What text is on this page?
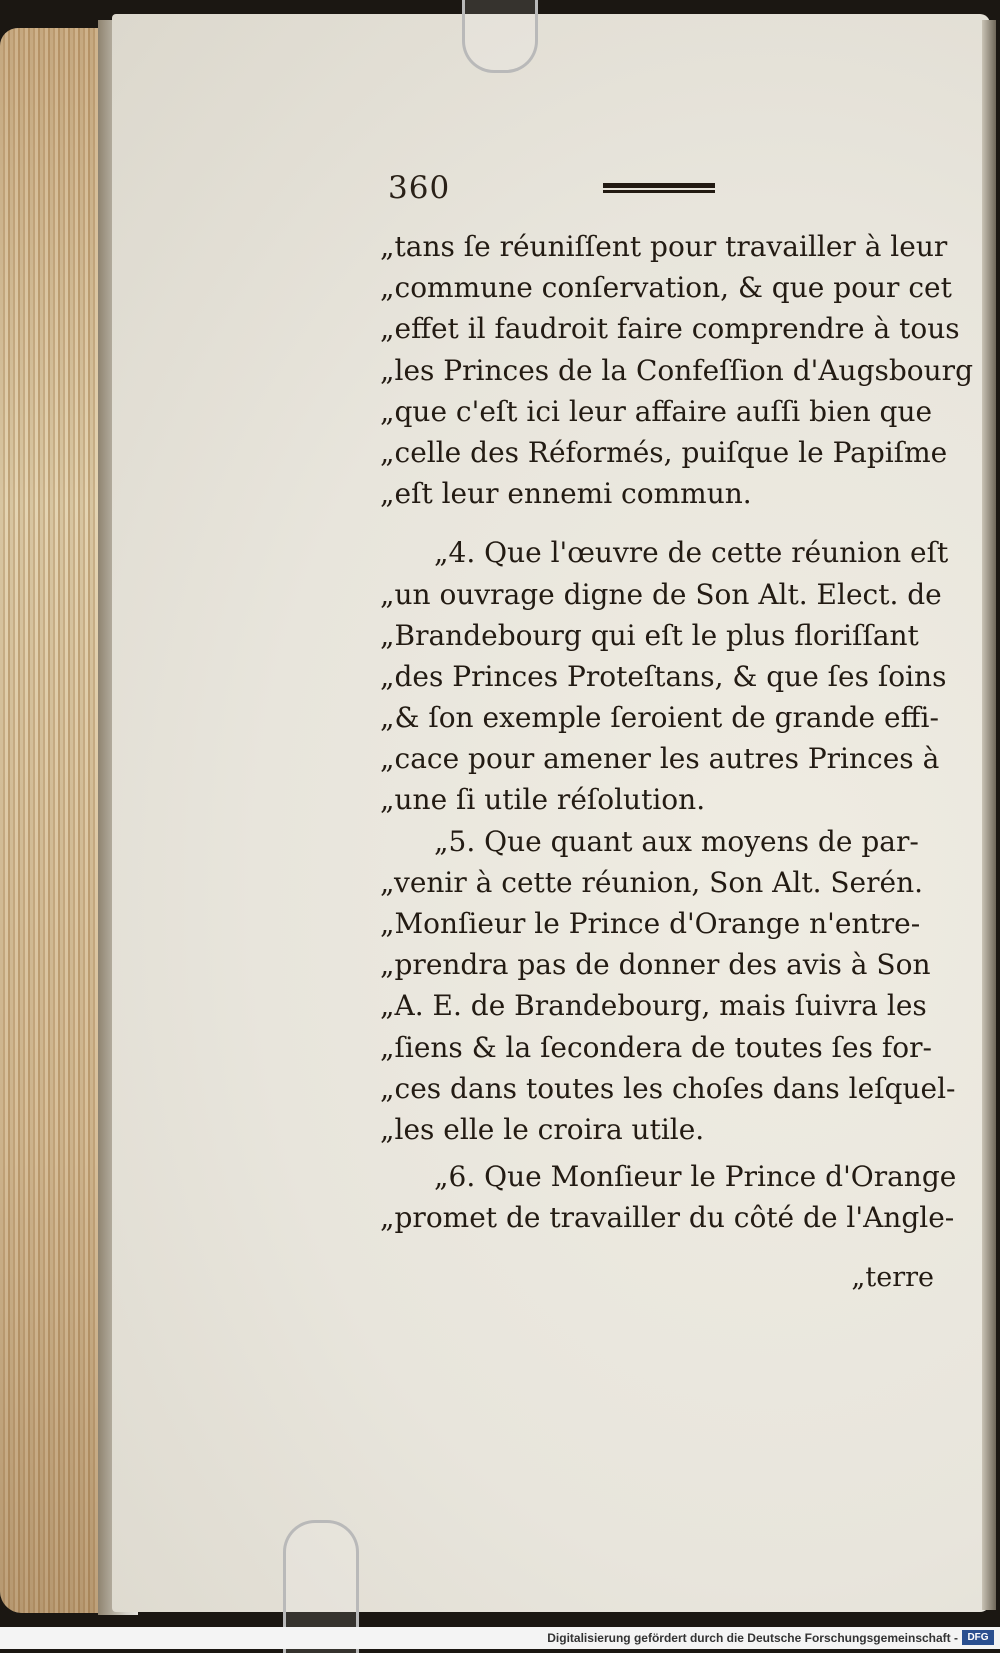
360
„tans ſe réuniſſent pour travailler à leur
„commune conſervation, & que pour cet
„effet il faudroit faire comprendre à tous
„les Princes de la Confeſſion d'Augsbourg
„que c'eſt ici leur affaire auſſi bien que
„celle des Réformés, puiſque le Papiſme
„eſt leur ennemi commun.
„4. Que l'œuvre de cette réunion eſt
„un ouvrage digne de Son Alt. Elect. de
„Brandebourg qui eſt le plus floriſſant
„des Princes Proteſtans, & que ſes ſoins
„& ſon exemple ſeroient de grande effi-
„cace pour amener les autres Princes à
„une ſi utile réſolution.
„5. Que quant aux moyens de par-
„venir à cette réunion, Son Alt. Serén.
„Monſieur le Prince d'Orange n'entre-
„prendra pas de donner des avis à Son
„A. E. de Brandebourg, mais ſuivra les
„ſiens & la ſecondera de toutes ſes for-
„ces dans toutes les choſes dans leſquel-
„les elle le croira utile.
„6. Que Monſieur le Prince d'Orange
„promet de travailler du côté de l'Angle-
„terre
Digitalisierung gefördert durch die Deutsche Forschungsgemeinschaft - DFG
